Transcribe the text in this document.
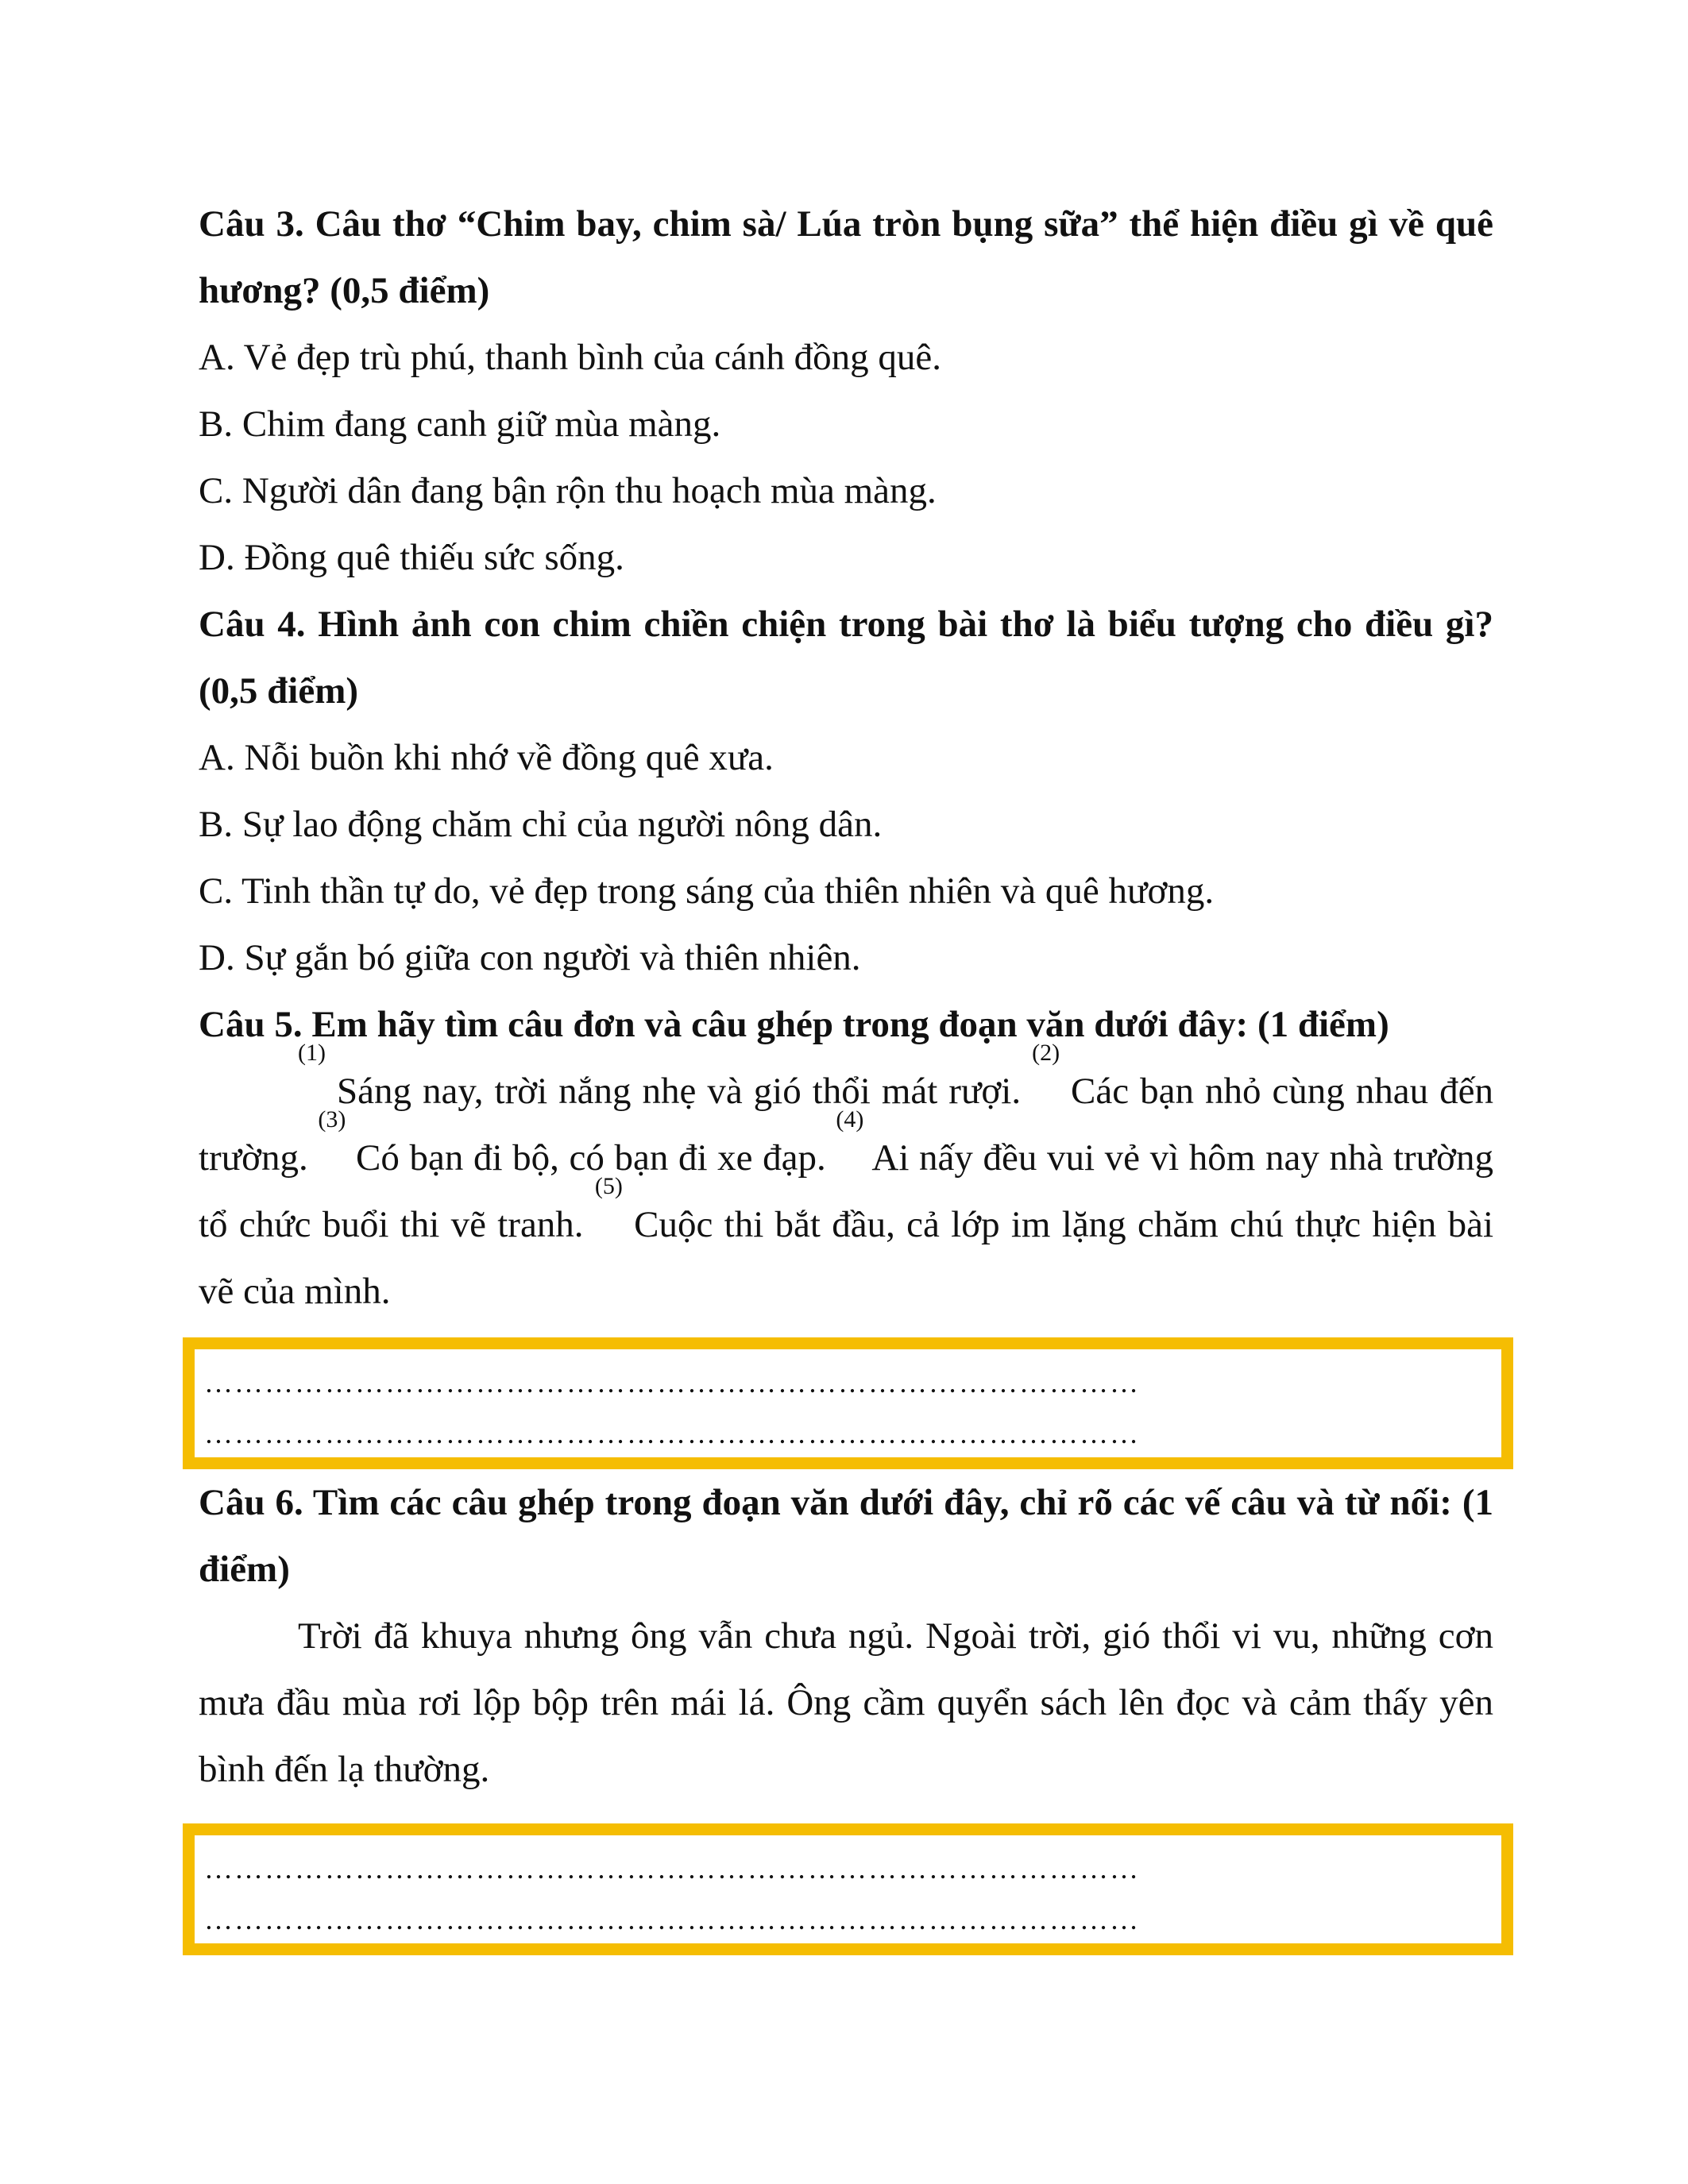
Câu 3. Câu thơ “Chim bay, chim sà/ Lúa tròn bụng sữa” thể hiện điều gì về quê hương? (0,5 điểm)

A. Vẻ đẹp trù phú, thanh bình của cánh đồng quê.

B. Chim đang canh giữ mùa màng.

C. Người dân đang bận rộn thu hoạch mùa màng.

D. Đồng quê thiếu sức sống.

Câu 4. Hình ảnh con chim chiền chiện trong bài thơ là biểu tượng cho điều gì? (0,5 điểm)

A. Nỗi buồn khi nhớ về đồng quê xưa.

B. Sự lao động chăm chỉ của người nông dân.

C. Tinh thần tự do, vẻ đẹp trong sáng của thiên nhiên và quê hương.

D. Sự gắn bó giữa con người và thiên nhiên.

Câu 5. Em hãy tìm câu đơn và câu ghép trong đoạn văn dưới đây: (1 điểm)

$^{(1)}$ Sáng nay, trời nắng nhẹ và gió thổi mát rượi. $^{(2)}$ Các bạn nhỏ cùng nhau đến trường. $^{(3)}$ Có bạn đi bộ, có bạn đi xe đạp. $^{(4)}$ Ai nấy đều vui vẻ vì hôm nay nhà trường tổ chức buổi thi vẽ tranh. $^{(5)}$ Cuộc thi bắt đầu, cả lớp im lặng chăm chú thực hiện bài vẽ của mình.

…………………………………………………………………………………
…………………………………………………………………………………

Câu 6. Tìm các câu ghép trong đoạn văn dưới đây, chỉ rõ các vế câu và từ nối: (1 điểm)

Trời đã khuya nhưng ông vẫn chưa ngủ. Ngoài trời, gió thổi vi vu, những cơn mưa đầu mùa rơi lộp bộp trên mái lá. Ông cầm quyển sách lên đọc và cảm thấy yên bình đến lạ thường.

…………………………………………………………………………………
…………………………………………………………………………………
